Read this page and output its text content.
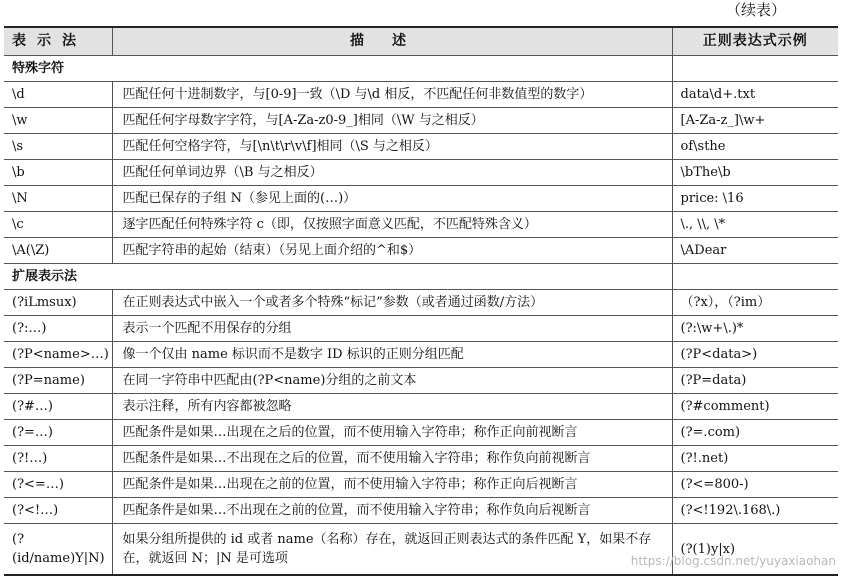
（续表）
表示法	描述	正则表达式示例
特殊字符		
\d	匹配任何十进制数字，与[0-9]一致（\D 与\d 相反，不匹配任何非数值型的数字）	data\d+.txt
\w	匹配任何字母数字字符，与[A-Za-z0-9_]相同（\W 与之相反）	[A-Za-z_]\w+
\s	匹配任何空格字符，与[\n\t\r\v\f]相同（\S 与之相反）	of\sthe
\b	匹配任何单词边界（\B 与之相反）	\bThe\b
\N	匹配已保存的子组 N（参见上面的(…)）	price: \16
\c	逐字匹配任何特殊字符 c（即，仅按照字面意义匹配，不匹配特殊含义）	\., \\, \*
\A(\Z)	匹配字符串的起始（结束）（另见上面介绍的^和$）	\ADear
扩展表示法		
(?iLmsux)	在正则表达式中嵌入一个或者多个特殊“标记”参数（或者通过函数/方法）	（?x），（?im）
(?:…)	表示一个匹配不用保存的分组	(?:\w+\.)*
(?P<name>…)	像一个仅由 name 标识而不是数字 ID 标识的正则分组匹配	(?P<data>)
(?P=name)	在同一字符串中匹配由(?P<name)分组的之前文本	(?P=data)
(?#…)	表示注释，所有内容都被忽略	(?#comment)
(?=…)	匹配条件是如果…出现在之后的位置，而不使用输入字符串；称作正向前视断言	(?=.com)
(?!…)	匹配条件是如果…不出现在之后的位置，而不使用输入字符串；称作负向前视断言	(?!.net)
(?<=…)	匹配条件是如果…出现在之前的位置，而不使用输入字符串；称作正向后视断言	(?<=800-)
(?<!…)	匹配条件是如果…不出现在之前的位置，而不使用输入字符串；称作负向后视断言	(?<!192\.168\.)
(?(id/name)Y|N)	如果分组所提供的 id 或者 name（名称）存在，就返回正则表达式的条件匹配 Y，如果不存在，就返回 N；|N 是可选项	(?(1)y|x)
https://blog.csdn.net/yuyaxiaohan
